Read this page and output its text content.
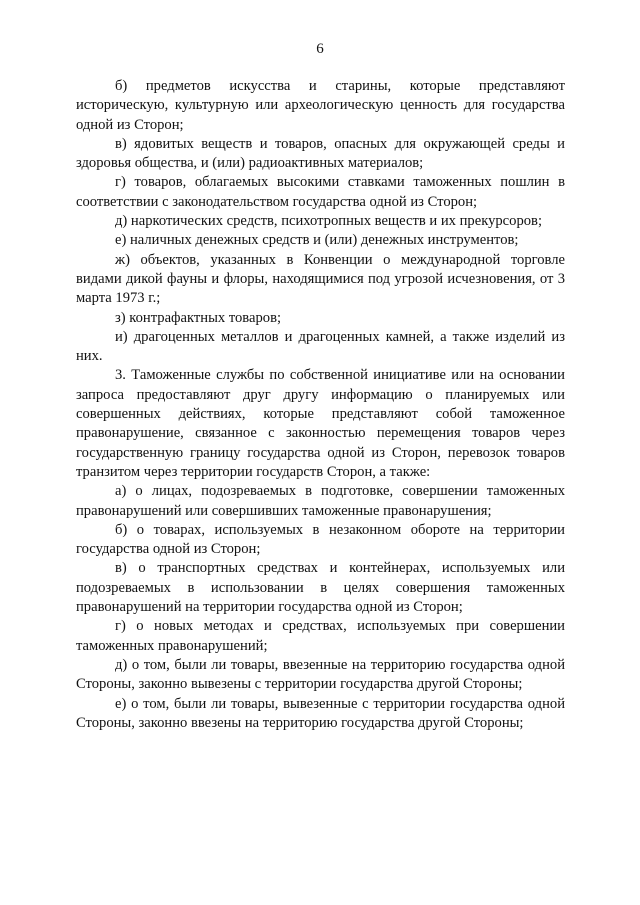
6

б) предметов искусства и старины, которые представляют историческую, культурную или археологическую ценность для государства одной из Сторон;

в) ядовитых веществ и товаров, опасных для окружающей среды и здоровья общества, и (или) радиоактивных материалов;

г) товаров, облагаемых высокими ставками таможенных пошлин в соответствии с законодательством государства одной из Сторон;

д) наркотических средств, психотропных веществ и их прекурсоров;

е) наличных денежных средств и (или) денежных инструментов;

ж) объектов, указанных в Конвенции о международной торговле видами дикой фауны и флоры, находящимися под угрозой исчезновения, от 3 марта 1973 г.;

з) контрафактных товаров;

и) драгоценных металлов и драгоценных камней, а также изделий из них.

3. Таможенные службы по собственной инициативе или на основании запроса предоставляют друг другу информацию о планируемых или совершенных действиях, которые представляют собой таможенное правонарушение, связанное с законностью перемещения товаров через государственную границу государства одной из Сторон, перевозок товаров транзитом через территории государств Сторон, а также:

а) о лицах, подозреваемых в подготовке, совершении таможенных правонарушений или совершивших таможенные правонарушения;

б) о товарах, используемых в незаконном обороте на территории государства одной из Сторон;

в) о транспортных средствах и контейнерах, используемых или подозреваемых в использовании в целях совершения таможенных правонарушений на территории государства одной из Сторон;

г) о новых методах и средствах, используемых при совершении таможенных правонарушений;

д) о том, были ли товары, ввезенные на территорию государства одной Стороны, законно вывезены с территории государства другой Стороны;

е) о том, были ли товары, вывезенные с территории государства одной Стороны, законно ввезены на территорию государства другой Стороны;
